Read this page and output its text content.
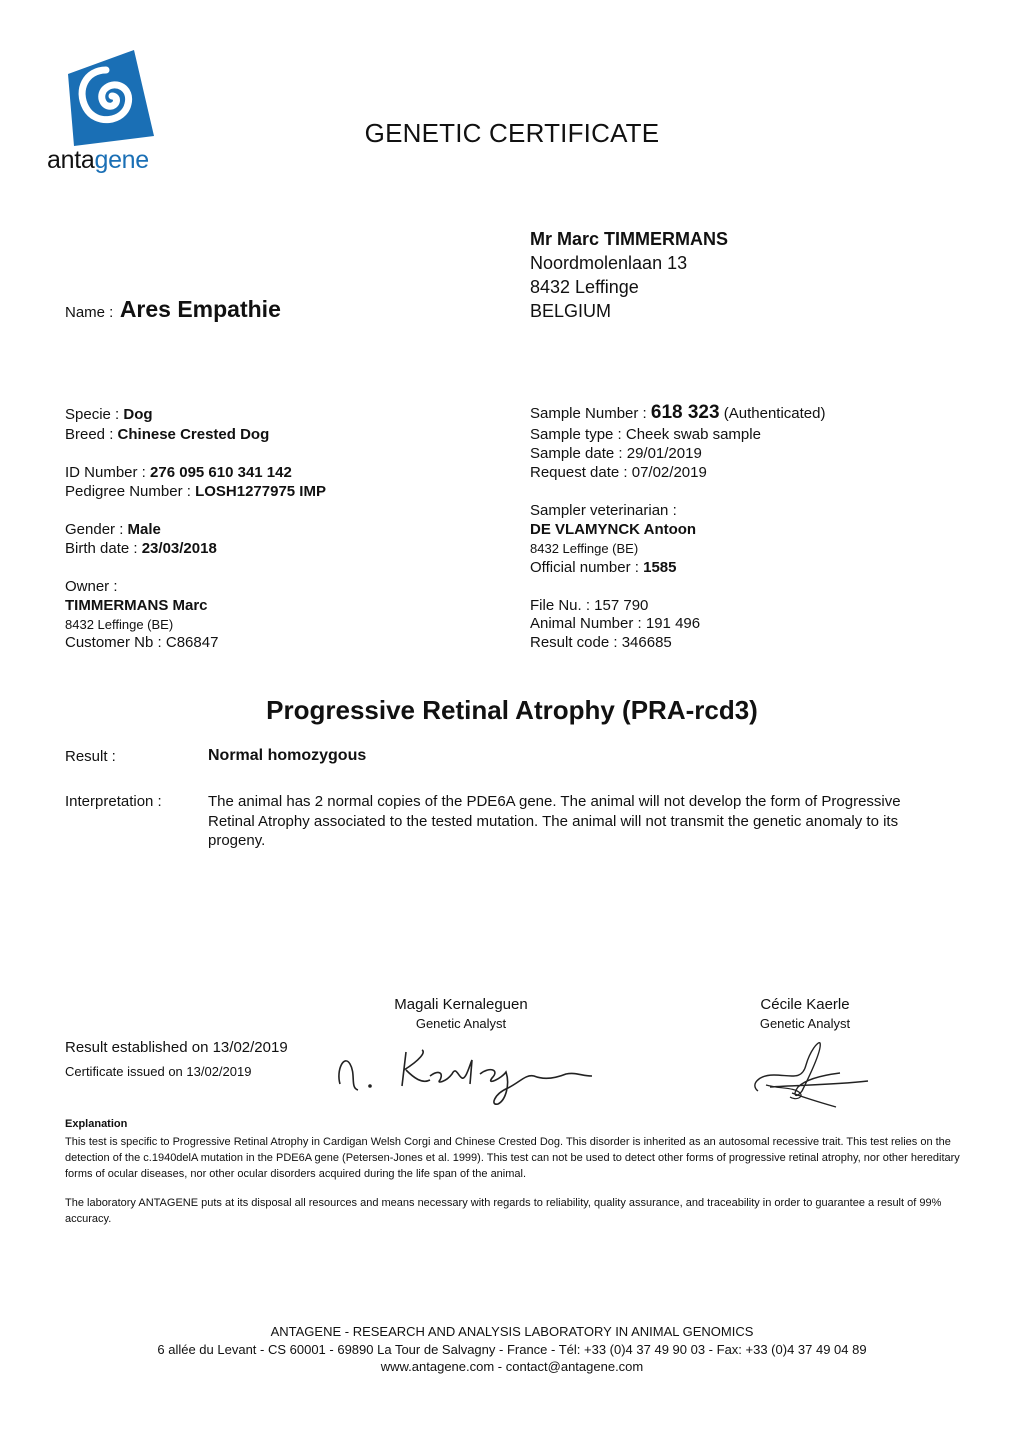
antagene
GENETIC CERTIFICATE
Name : Ares Empathie
Mr Marc TIMMERMANS
Noordmolenlaan 13
8432 Leffinge
BELGIUM
Specie : Dog
Breed : Chinese Crested Dog
ID Number : 276 095 610 341 142
Pedigree Number : LOSH1277975 IMP
Gender : Male
Birth date : 23/03/2018
Owner :
TIMMERMANS Marc
8432 Leffinge (BE)
Customer Nb : C86847
Sample Number : 618 323 (Authenticated)
Sample type : Cheek swab sample
Sample date : 29/01/2019
Request date : 07/02/2019
Sampler veterinarian :
DE VLAMYNCK Antoon
8432 Leffinge (BE)
Official number : 1585
File Nu. : 157 790
Animal Number : 191 496
Result code : 346685
Progressive Retinal Atrophy (PRA-rcd3)
Result :	Normal homozygous
Interpretation :	The animal has 2 normal copies of the PDE6A gene. The animal will not develop the form of Progressive Retinal Atrophy associated to the tested mutation. The animal will not transmit the genetic anomaly to its progeny.
Magali Kernaleguen
Genetic Analyst
Cécile Kaerle
Genetic Analyst
Result established on 13/02/2019
Certificate issued on 13/02/2019
Explanation
This test is specific to Progressive Retinal Atrophy in Cardigan Welsh Corgi and Chinese Crested Dog. This disorder is inherited as an autosomal recessive trait. This test relies on the detection of the c.1940delA mutation in the PDE6A gene (Petersen-Jones et al. 1999). This test can not be used to detect other forms of progressive retinal atrophy, nor other hereditary forms of ocular diseases, nor other ocular disorders acquired during the life span of the animal.
The laboratory ANTAGENE puts at its disposal all resources and means necessary with regards to reliability, quality assurance, and traceability in order to guarantee a result of 99% accuracy.
ANTAGENE - RESEARCH AND ANALYSIS LABORATORY IN ANIMAL GENOMICS
6 allée du Levant - CS 60001 - 69890 La Tour de Salvagny - France - Tél: +33 (0)4 37 49 90 03 - Fax: +33 (0)4 37 49 04 89
www.antagene.com - contact@antagene.com
